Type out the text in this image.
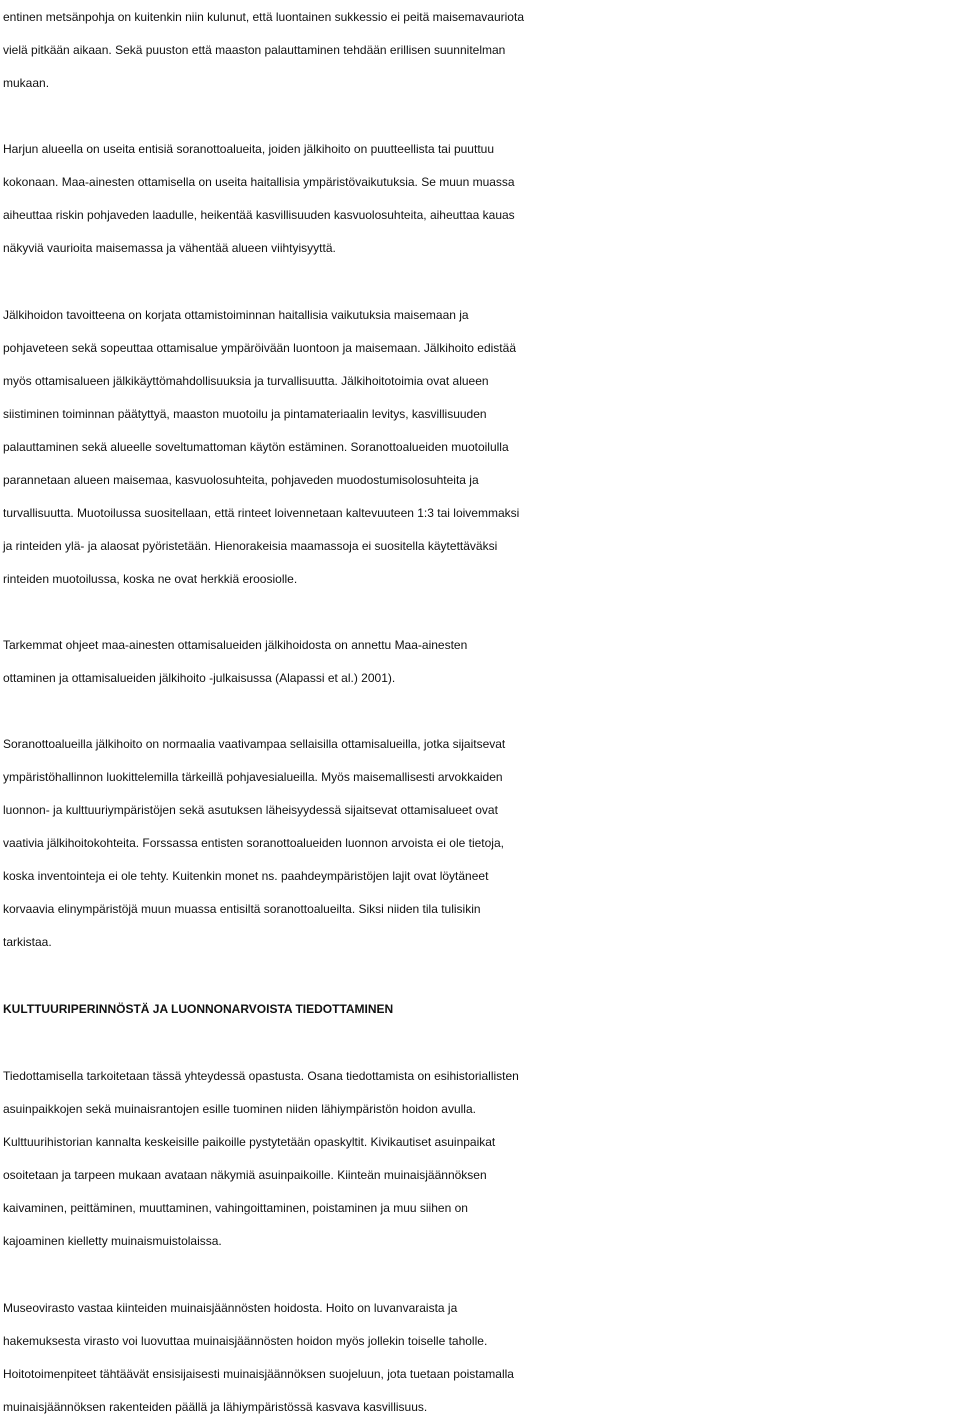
entinen metsänpohja on kuitenkin niin kulunut, että luontainen sukkessio ei peitä maisemavauriota

vielä pitkään aikaan. Sekä puuston että maaston palauttaminen tehdään erillisen suunnitelman

mukaan.

Harjun alueella on useita entisiä soranottoalueita, joiden jälkihoito on puutteellista tai puuttuu

kokonaan. Maa-ainesten ottamisella on useita haitallisia ympäristövaikutuksia. Se muun muassa

aiheuttaa riskin pohjaveden laadulle, heikentää kasvillisuuden kasvuolosuhteita, aiheuttaa kauas

näkyviä vaurioita maisemassa ja vähentää alueen viihtyisyyttä.

Jälkihoidon tavoitteena on korjata ottamistoiminnan haitallisia vaikutuksia maisemaan ja

pohjaveteen sekä sopeuttaa ottamisalue ympäröivään luontoon ja maisemaan. Jälkihoito edistää

myös ottamisalueen jälkikäyttömahdollisuuksia ja turvallisuutta. Jälkihoitotoimia ovat alueen

siistiminen toiminnan päätyttyä, maaston muotoilu ja pintamateriaalin levitys, kasvillisuuden

palauttaminen sekä alueelle soveltumattoman käytön estäminen. Soranottoalueiden muotoilulla

parannetaan alueen maisemaa, kasvuolosuhteita, pohjaveden muodostumisolosuhteita ja

turvallisuutta. Muotoilussa suositellaan, että rinteet loivennetaan kaltevuuteen 1:3 tai loivemmaksi

ja rinteiden ylä- ja alaosat pyöristetään. Hienorakeisia maamassoja ei suositella käytettäväksi

rinteiden muotoilussa, koska ne ovat herkkiä eroosiolle.

Tarkemmat ohjeet maa-ainesten ottamisalueiden jälkihoidosta on annettu Maa-ainesten

ottaminen ja ottamisalueiden jälkihoito -julkaisussa (Alapassi et al.) 2001).

Soranottoalueilla jälkihoito on normaalia vaativampaa sellaisilla ottamisalueilla, jotka sijaitsevat

ympäristöhallinnon luokittelemilla tärkeillä pohjavesialueilla. Myös maisemallisesti arvokkaiden

luonnon- ja kulttuuriympäristöjen sekä asutuksen läheisyydessä sijaitsevat ottamisalueet ovat

vaativia jälkihoitokohteita. Forssassa entisten soranottoalueiden luonnon arvoista ei ole tietoja,

koska inventointeja ei ole tehty. Kuitenkin monet ns. paahdeympäristöjen lajit ovat löytäneet

korvaavia elinympäristöjä muun muassa entisiltä soranottoalueilta. Siksi niiden tila tulisikin

tarkistaa.

KULTTUURIPERINNÖSTÄ JA LUONNONARVOISTA TIEDOTTAMINEN

Tiedottamisella tarkoitetaan tässä yhteydessä opastusta. Osana tiedottamista on esihistoriallisten

asuinpaikkojen sekä muinaisrantojen esille tuominen niiden lähiympäristön hoidon avulla.

Kulttuurihistorian kannalta keskeisille paikoille pystytetään opaskyltit. Kivikautiset asuinpaikat

osoitetaan ja tarpeen mukaan avataan näkymiä asuinpaikoille. Kiinteän muinaisjäännöksen

kaivaminen, peittäminen, muuttaminen, vahingoittaminen, poistaminen ja muu siihen on

kajoaminen kielletty muinaismuistolaissa.

Museovirasto vastaa kiinteiden muinaisjäännösten hoidosta. Hoito on luvanvaraista ja

hakemuksesta virasto voi luovuttaa muinaisjäännösten hoidon myös jollekin toiselle taholle.

Hoitotoimenpiteet tähtäävät ensisijaisesti muinaisjäännöksen suojeluun, jota tuetaan poistamalla

muinaisjäännöksen rakenteiden päällä ja lähiympäristössä kasvava kasvillisuus.
